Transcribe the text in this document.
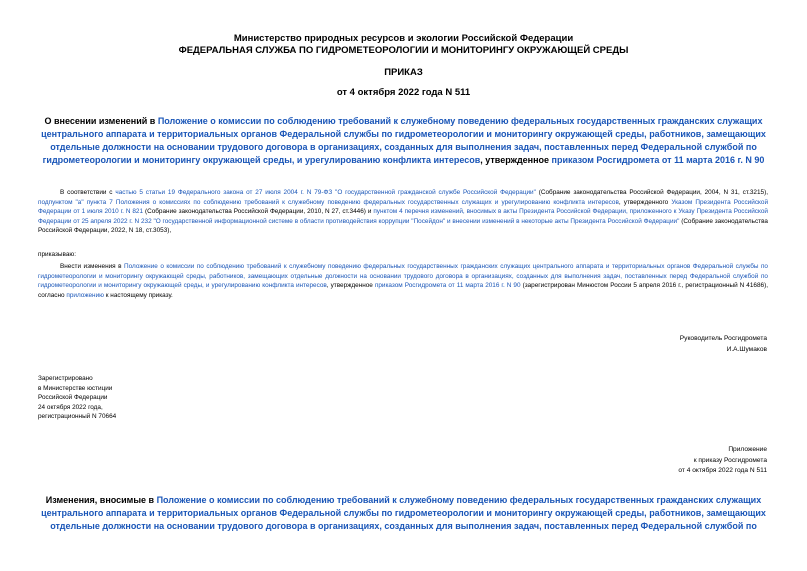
Министерство природных ресурсов и экологии Российской Федерации
ФЕДЕРАЛЬНАЯ СЛУЖБА ПО ГИДРОМЕТЕОРОЛОГИИ И МОНИТОРИНГУ ОКРУЖАЮЩЕЙ СРЕДЫ
ПРИКАЗ
от 4 октября 2022 года N 511
О внесении изменений в Положение о комиссии по соблюдению требований к служебному поведению федеральных государственных гражданских служащих центрального аппарата и территориальных органов Федеральной службы по гидрометеорологии и мониторингу окружающей среды, работников, замещающих отдельные должности на основании трудового договора в организациях, созданных для выполнения задач, поставленных перед Федеральной службой по гидрометеорологии и мониторингу окружающей среды, и урегулированию конфликта интересов, утвержденное приказом Росгидромета от 11 марта 2016 г. N 90
В соответствии с частью 5 статьи 19 Федерального закона от 27 июля 2004 г. N 79-ФЗ "О государственной гражданской службе Российской Федерации" (Собрание законодательства Российской Федерации, 2004, N 31, ст.3215), подпунктом "а" пункта 7 Положения о комиссиях по соблюдению требований к служебному поведению федеральных государственных служащих и урегулированию конфликта интересов, утвержденного Указом Президента Российской Федерации от 1 июля 2010 г. N 821 (Собрание законодательства Российской Федерации, 2010, N 27, ст.3446) и пунктом 4 перечня изменений, вносимых в акты Президента Российской Федерации, приложенного к Указу Президента Российской Федерации от 25 апреля 2022 г. N 232 "О государственной информационной системе в области противодействия коррупции "Посейдон" и внесении изменений в некоторые акты Президента Российской Федерации" (Собрание законодательства Российской Федерации, 2022, N 18, ст.3053),
приказываю:
Внести изменения в Положение о комиссии по соблюдению требований к служебному поведению федеральных государственных гражданских служащих центрального аппарата и территориальных органов Федеральной службы по гидрометеорологии и мониторингу окружающей среды, работников, замещающих отдельные должности на основании трудового договора в организациях, созданных для выполнения задач, поставленных перед Федеральной службой по гидрометеорологии и мониторингу окружающей среды, и урегулированию конфликта интересов, утвержденное приказом Росгидромета от 11 марта 2016 г. N 90 (зарегистрирован Минюстом России 5 апреля 2016 г., регистрационный N 41686), согласно приложению к настоящему приказу.
Руководитель Росгидромета
И.А.Шумаков
Зарегистрировано
в Министерстве юстиции
Российской Федерации
24 октября 2022 года,
регистрационный N 70664
Приложение
к приказу Росгидромета
от 4 октября 2022 года N 511
Изменения, вносимые в Положение о комиссии по соблюдению требований к служебному поведению федеральных государственных гражданских служащих центрального аппарата и территориальных органов Федеральной службы по гидрометеорологии и мониторингу окружающей среды, работников, замещающих отдельные должности на основании трудового договора в организациях, созданных для выполнения задач, поставленных перед Федеральной службой по
